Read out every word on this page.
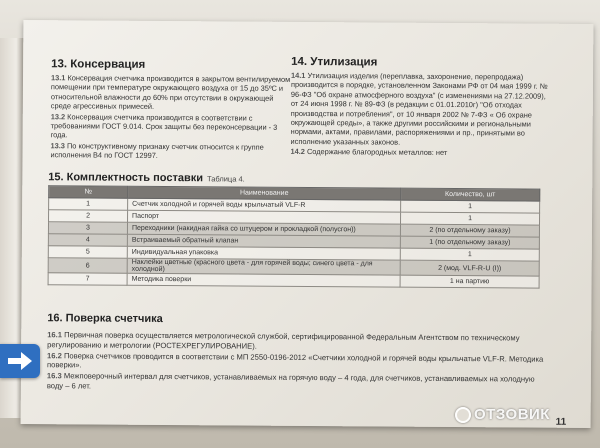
13. Консервация

13.1 Консервация счетчика производится в закрытом вентилируемом помещении при температуре окружающего воздуха от 15 до 35ºС и относительной влажности до 60% при отсутствии в окружающей среде агрессивных примесей.

13.2 Консервация счетчика производится в соответствии с требованиями ГОСТ 9.014. Срок защиты без переконсервации - 3 года.

13.3 По конструктивному признаку счетчик относится к группе исполнения В4 по ГОСТ 12997.

14. Утилизация

14.1 Утилизация изделия (переплавка, захоронение, перепродажа) производится в порядке, установленном Законами РФ от 04 мая 1999 г. № 96-ФЗ "Об охране атмосферного воздуха" (с изменениями на 27.12.2009), от 24 июня 1998 г. № 89-ФЗ (в редакции с 01.01.2010г) "Об отходах производства и потребления", от 10 января 2002 № 7-ФЗ « Об охране окружающей среды», а также другими российскими и региональными нормами, актами, правилами, распоряжениями и пр., принятыми во исполнение указанных законов.

14.2 Содержание благородных металлов: нет

15. Комплектность поставки Таблица 4.
№	Наименование	Количество, шт
1	Счетчик холодной и горячей воды крыльчатый VLF-R	1
2	Паспорт	1
3	Переходники (накидная гайка со штуцером и прокладкой (полусгон))	2 (по отдельному заказу)
4	Встраиваемый обратный клапан	1 (по отдельному заказу)
5	Индивидуальная упаковка	1
6	Наклейки цветные (красного цвета - для горячей воды; синего цвета - для холодной)	2 (мод. VLF-R-U (I))
7	Методика поверки	1 на партию
16. Поверка счетчика

16.1 Первичная поверка осуществляется метрологической службой, сертифицированной Федеральным Агентством по техническому регулированию и метрологии (РОСТЕХРЕГУЛИРОВАНИЕ).

16.2 Поверка счетчиков проводится в соответствии с МП 2550-0196-2012 «Счетчики холодной и горячей воды крыльчатые VLF-R. Методика поверки».

16.3 Межповерочный интервал для счетчиков, устанавливаемых на горячую воду – 4 года, для счетчиков, устанавливаемых на холодную воду – 6 лет.

11
ОТЗОВИК
